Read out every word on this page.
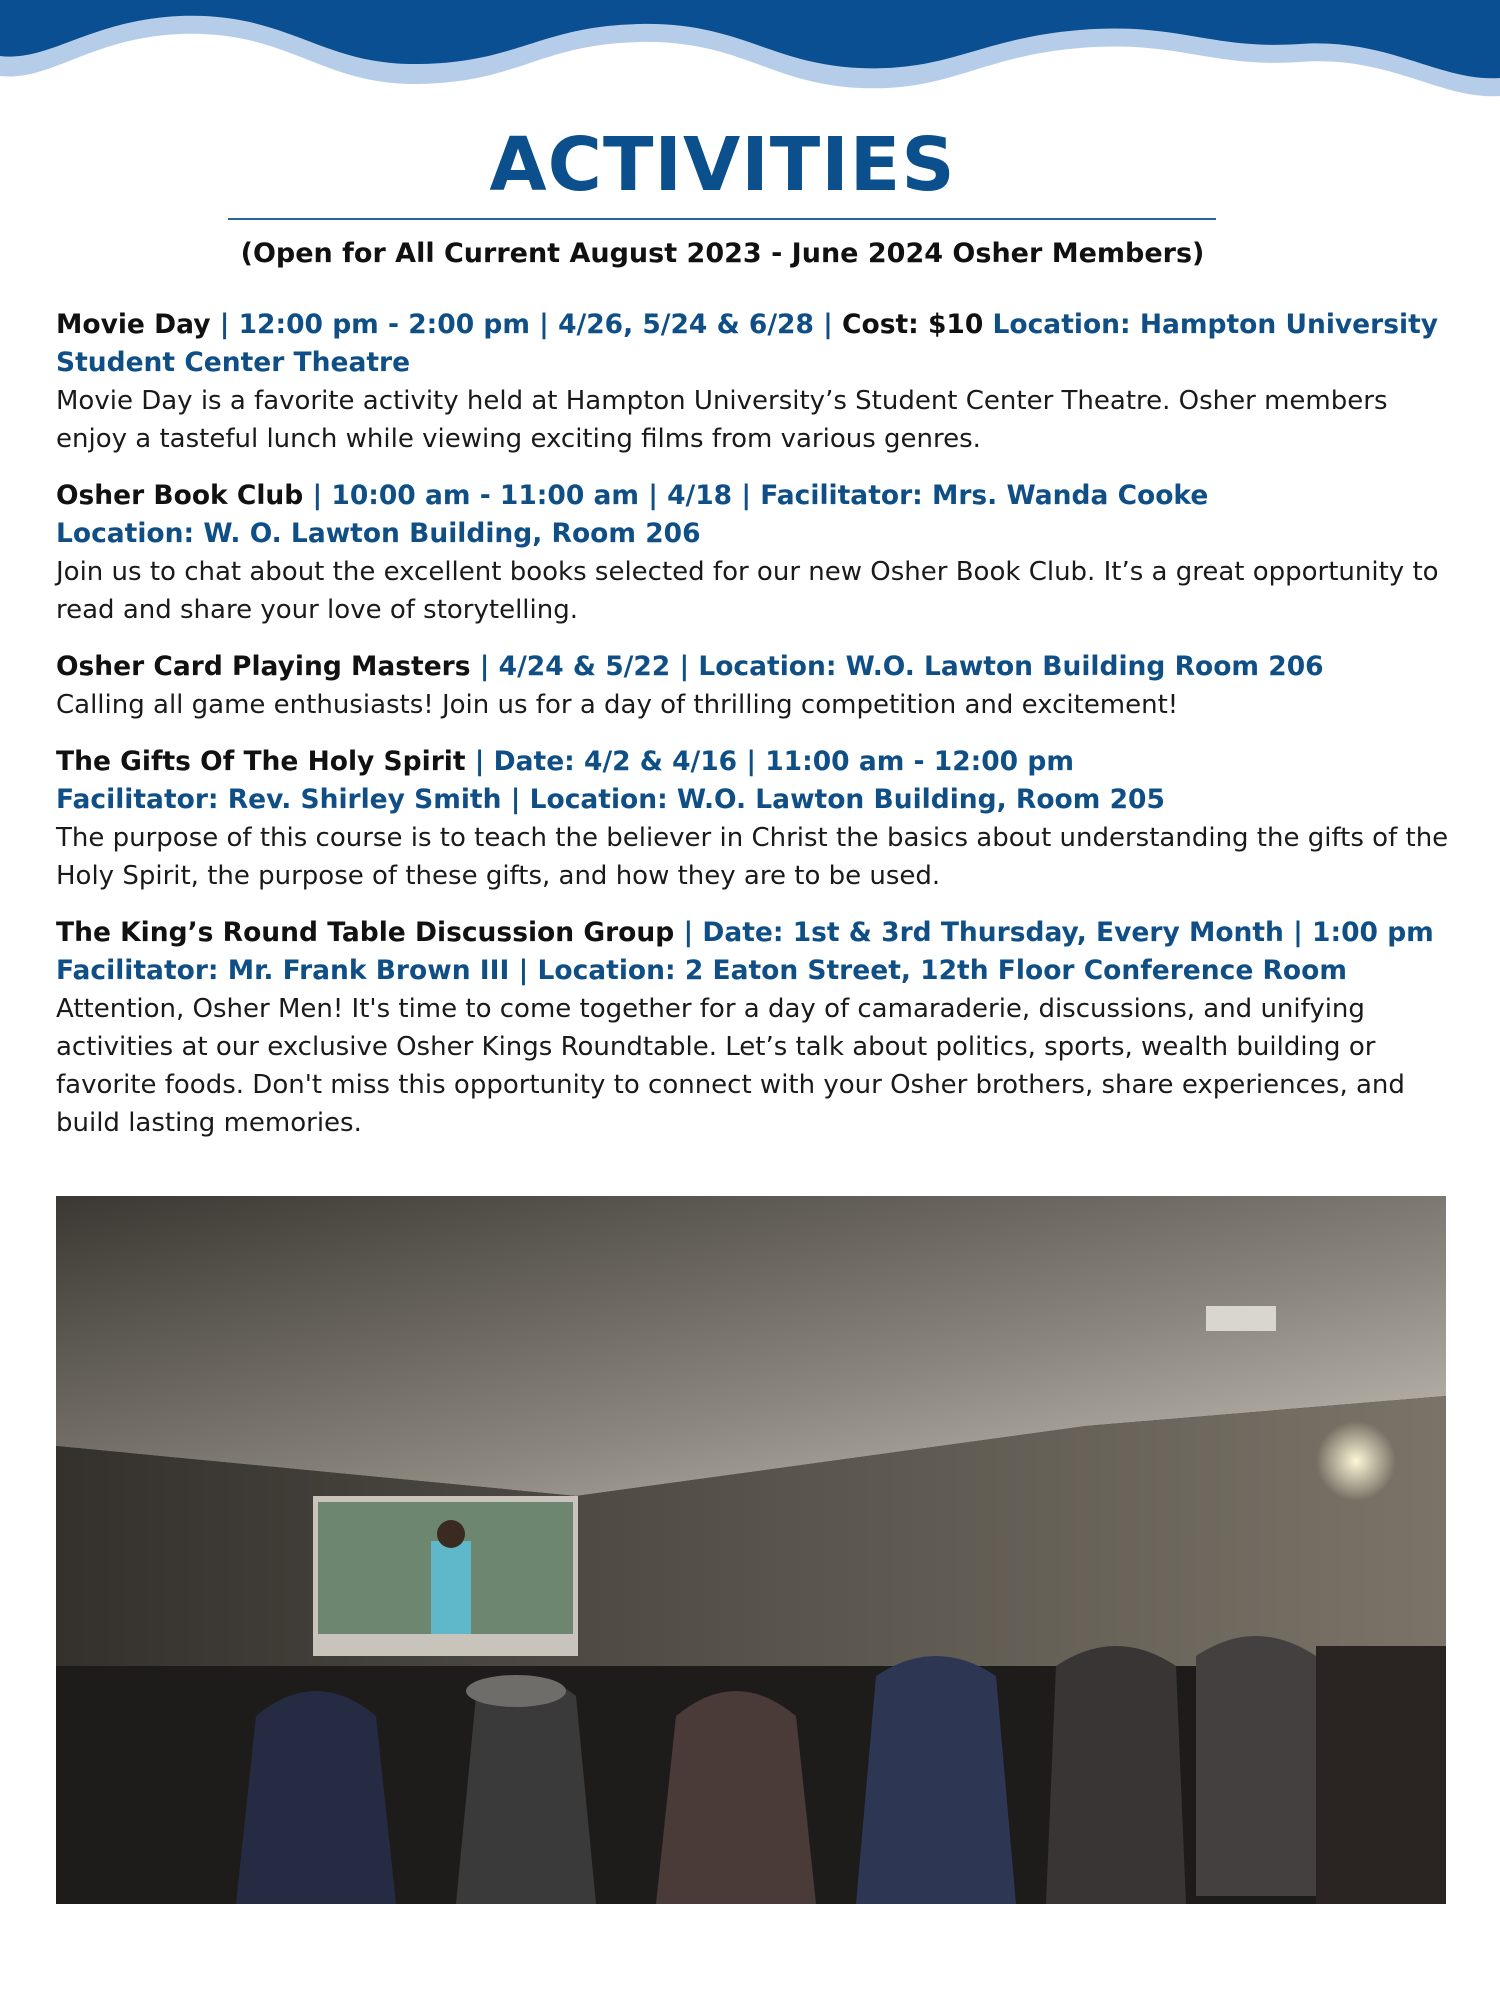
ACTIVITIES

(Open for All Current August 2023 - June 2024 Osher Members)

Movie Day | 12:00 pm - 2:00 pm | 4/26, 5/24 & 6/28 | Cost: $10 Location: Hampton University Student Center Theatre
Movie Day is a favorite activity held at Hampton University’s Student Center Theatre. Osher members enjoy a tasteful lunch while viewing exciting films from various genres.
Osher Book Club | 10:00 am - 11:00 am | 4/18 | Facilitator: Mrs. Wanda Cooke
Location: W. O. Lawton Building, Room 206
Join us to chat about the excellent books selected for our new Osher Book Club. It’s a great opportunity to read and share your love of storytelling.
Osher Card Playing Masters | 4/24 & 5/22 | Location: W.O. Lawton Building Room 206
Calling all game enthusiasts! Join us for a day of thrilling competition and excitement!
The Gifts Of The Holy Spirit | Date: 4/2 & 4/16 | 11:00 am - 12:00 pm
Facilitator: Rev. Shirley Smith | Location: W.O. Lawton Building, Room 205
The purpose of this course is to teach the believer in Christ the basics about understanding the gifts of the Holy Spirit, the purpose of these gifts, and how they are to be used.
The King’s Round Table Discussion Group | Date: 1st & 3rd Thursday, Every Month | 1:00 pm
Facilitator: Mr. Frank Brown III | Location: 2 Eaton Street, 12th Floor Conference Room
Attention, Osher Men! It's time to come together for a day of camaraderie, discussions, and unifying activities at our exclusive Osher Kings Roundtable. Let’s talk about politics, sports, wealth building or favorite foods. Don't miss this opportunity to connect with your Osher brothers, share experiences, and build lasting memories.
